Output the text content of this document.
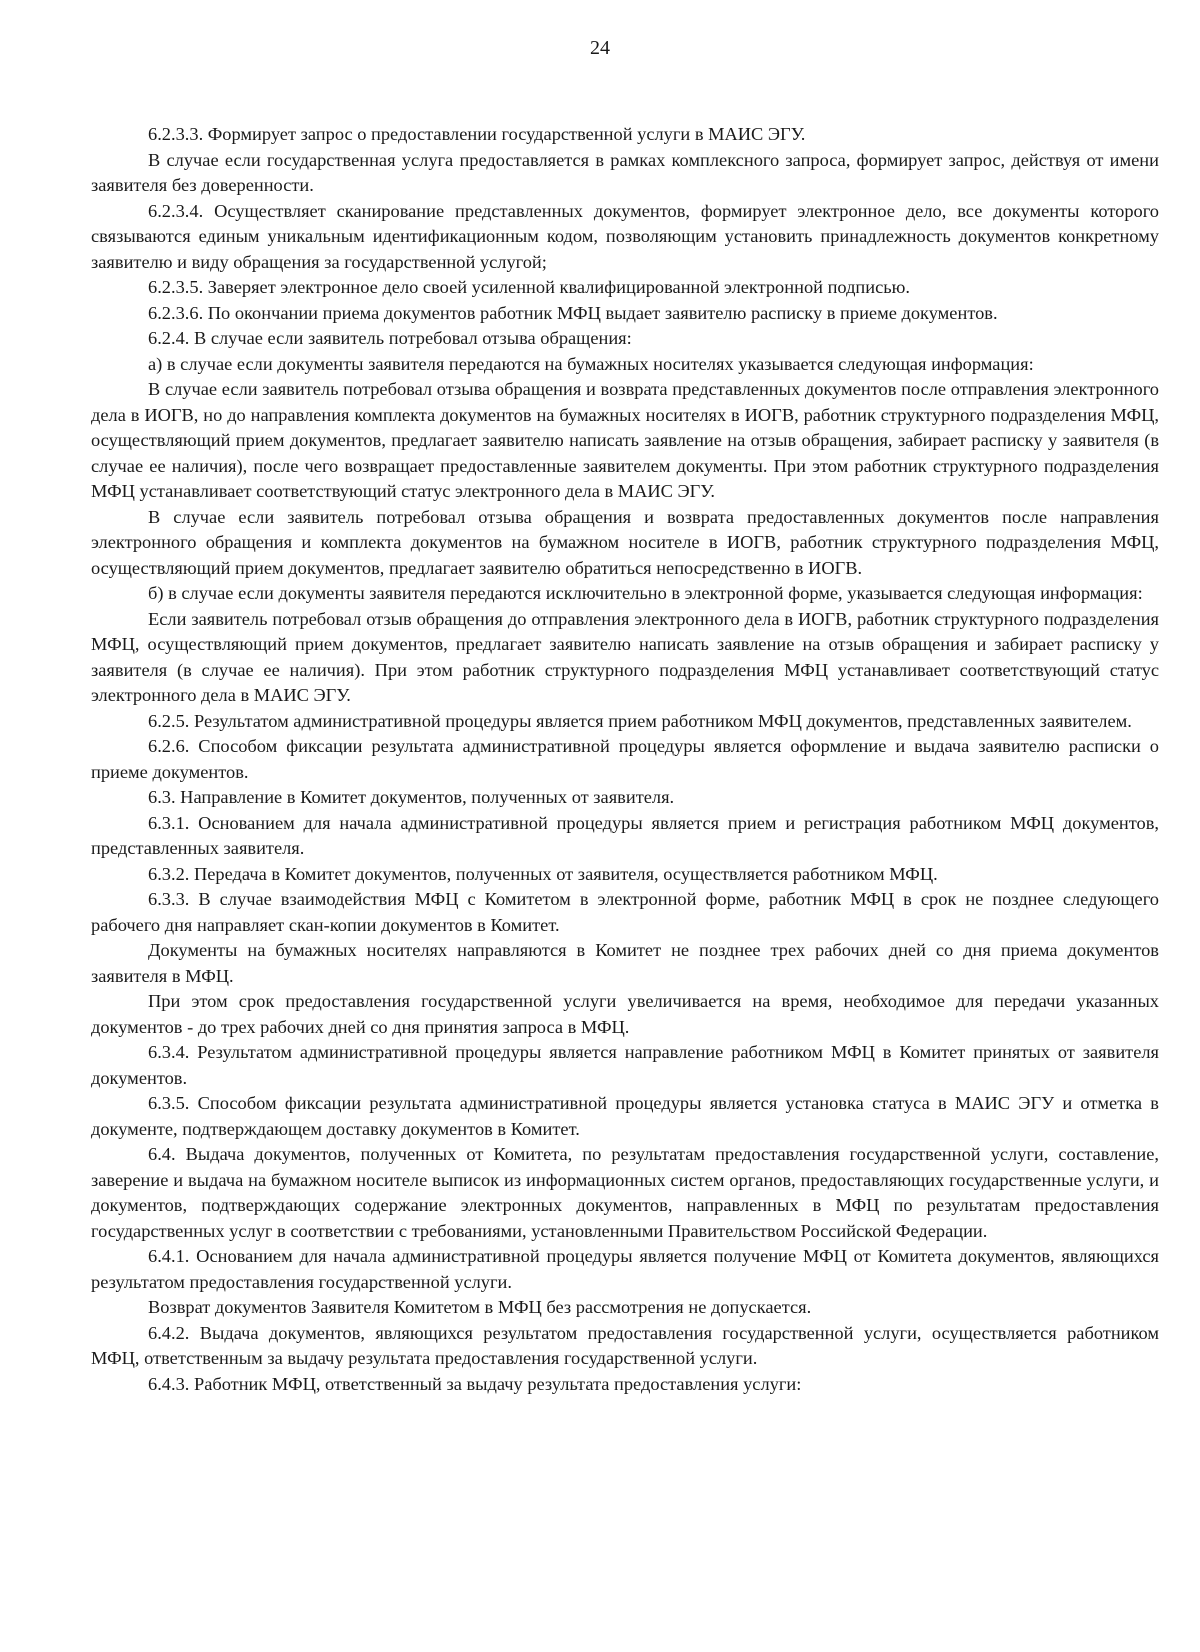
24

6.2.3.3. Формирует запрос о предоставлении государственной услуги в МАИС ЭГУ.

В случае если государственная услуга предоставляется в рамках комплексного запроса, формирует запрос, действуя от имени заявителя без доверенности.

6.2.3.4. Осуществляет сканирование представленных документов, формирует электронное дело, все документы которого связываются единым уникальным идентификационным кодом, позволяющим установить принадлежность документов конкретному заявителю и виду обращения за государственной услугой;

6.2.3.5. Заверяет электронное дело своей усиленной квалифицированной электронной подписью.

6.2.3.6. По окончании приема документов работник МФЦ выдает заявителю расписку в приеме документов.

6.2.4. В случае если заявитель потребовал отзыва обращения:

а) в случае если документы заявителя передаются на бумажных носителях указывается следующая информация:

В случае если заявитель потребовал отзыва обращения и возврата представленных документов после отправления электронного дела в ИОГВ, но до направления комплекта документов на бумажных носителях в ИОГВ, работник структурного подразделения МФЦ, осуществляющий прием документов, предлагает заявителю написать заявление на отзыв обращения, забирает расписку у заявителя (в случае ее наличия), после чего возвращает предоставленные заявителем документы. При этом работник структурного подразделения МФЦ устанавливает соответствующий статус электронного дела в МАИС ЭГУ.

В случае если заявитель потребовал отзыва обращения и возврата предоставленных документов после направления электронного обращения и комплекта документов на бумажном носителе в ИОГВ, работник структурного подразделения МФЦ, осуществляющий прием документов, предлагает заявителю обратиться непосредственно в ИОГВ.

б) в случае если документы заявителя передаются исключительно в электронной форме, указывается следующая информация:

Если заявитель потребовал отзыв обращения до отправления электронного дела в ИОГВ, работник структурного подразделения МФЦ, осуществляющий прием документов, предлагает заявителю написать заявление на отзыв обращения и забирает расписку у заявителя (в случае ее наличия). При этом работник структурного подразделения МФЦ устанавливает соответствующий статус электронного дела в МАИС ЭГУ.

6.2.5. Результатом административной процедуры является прием работником МФЦ документов, представленных заявителем.

6.2.6. Способом фиксации результата административной процедуры является оформление и выдача заявителю расписки о приеме документов.

6.3. Направление в Комитет документов, полученных от заявителя.

6.3.1. Основанием для начала административной процедуры является прием и регистрация работником МФЦ документов, представленных заявителя.

6.3.2. Передача в Комитет документов, полученных от заявителя, осуществляется работником МФЦ.

6.3.3. В случае взаимодействия МФЦ с Комитетом в электронной форме, работник МФЦ в срок не позднее следующего рабочего дня направляет скан-копии документов в Комитет.

Документы на бумажных носителях направляются в Комитет не позднее трех рабочих дней со дня приема документов заявителя в МФЦ.

При этом срок предоставления государственной услуги увеличивается на время, необходимое для передачи указанных документов - до трех рабочих дней со дня принятия запроса в МФЦ.

6.3.4. Результатом административной процедуры является направление работником МФЦ в Комитет принятых от заявителя документов.

6.3.5. Способом фиксации результата административной процедуры является установка статуса в МАИС ЭГУ и отметка в документе, подтверждающем доставку документов в Комитет.

6.4. Выдача документов, полученных от Комитета, по результатам предоставления государственной услуги, составление, заверение и выдача на бумажном носителе выписок из информационных систем органов, предоставляющих государственные услуги, и документов, подтверждающих содержание электронных документов, направленных в МФЦ по результатам предоставления государственных услуг в соответствии с требованиями, установленными Правительством Российской Федерации.

6.4.1. Основанием для начала административной процедуры является получение МФЦ от Комитета документов, являющихся результатом предоставления государственной услуги.

Возврат документов Заявителя Комитетом в МФЦ без рассмотрения не допускается.

6.4.2. Выдача документов, являющихся результатом предоставления государственной услуги, осуществляется работником МФЦ, ответственным за выдачу результата предоставления государственной услуги.

6.4.3. Работник МФЦ, ответственный за выдачу результата предоставления услуги:
